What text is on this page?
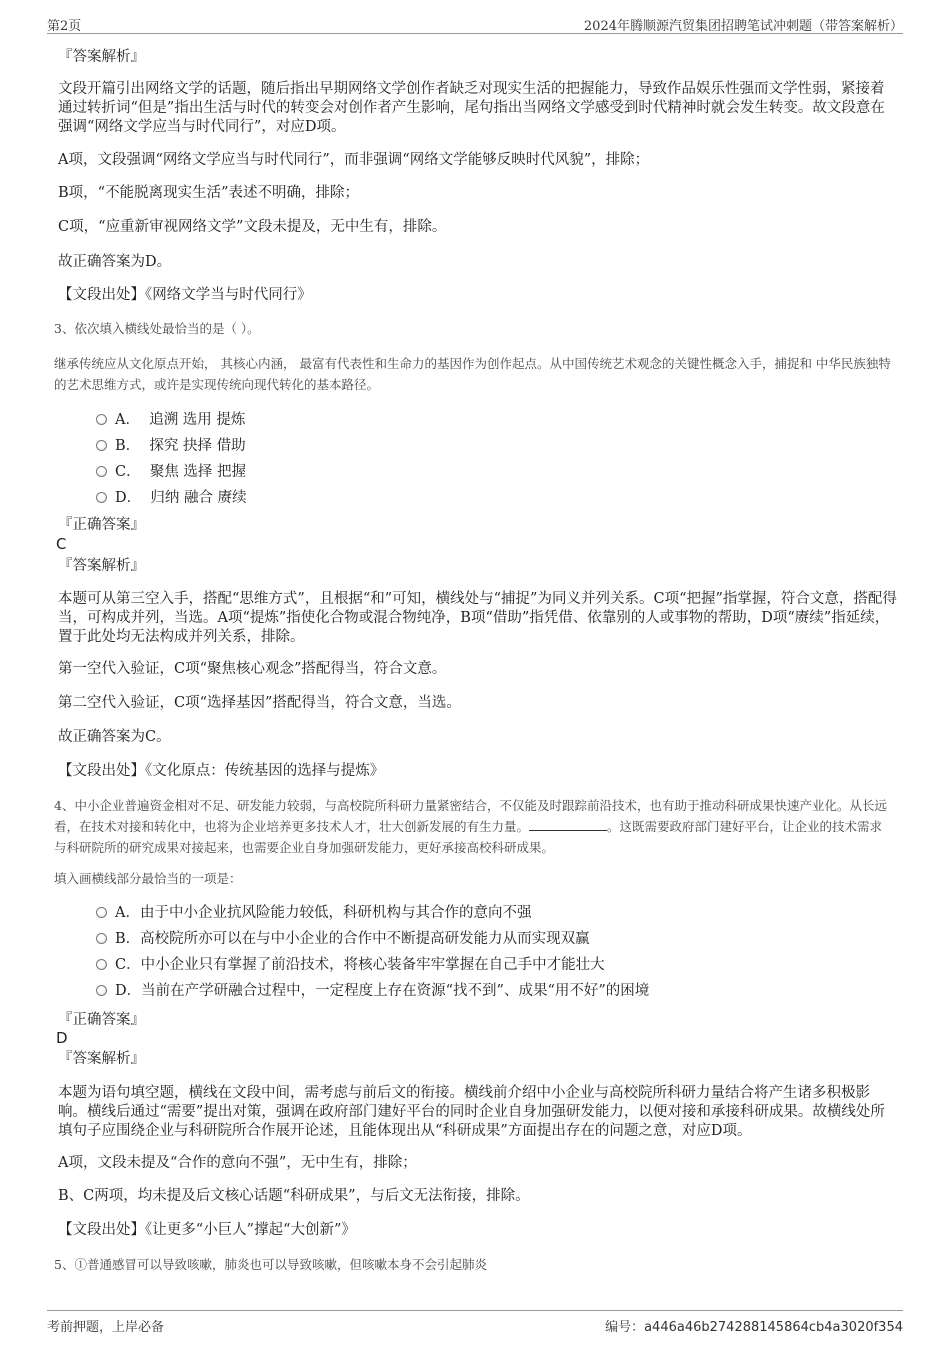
第2页	2024年腾顺源汽贸集团招聘笔试冲刺题（带答案解析）
『答案解析』
文段开篇引出网络文学的话题，随后指出早期网络文学创作者缺乏对现实生活的把握能力，导致作品娱乐性强而文学性弱，紧接着通过转折词“但是”指出生活与时代的转变会对创作者产生影响，尾句指出当网络文学感受到时代精神时就会发生转变。故文段意在强调“网络文学应当与时代同行”，对应D项。
A项，文段强调“网络文学应当与时代同行”，而非强调“网络文学能够反映时代风貌”，排除；
B项，“不能脱离现实生活”表述不明确，排除；
C项，“应重新审视网络文学”文段未提及，无中生有，排除。
故正确答案为D。
【文段出处】《网络文学当与时代同行》
3、依次填入横线处最恰当的是（ ）。
继承传统应从文化原点开始， 其核心内涵， 最富有代表性和生命力的基因作为创作起点。从中国传统艺术观念的关键性概念入手，捕捉和 中华民族独特的艺术思维方式，或许是实现传统向现代转化的基本路径。
A． 追溯 选用 提炼
B． 探究 抉择 借助
C． 聚焦 选择 把握
D． 归纳 融合 赓续
『正确答案』
C
『答案解析』
本题可从第三空入手，搭配“思维方式”，且根据“和”可知，横线处与“捕捉”为同义并列关系。C项“把握”指掌握，符合文意，搭配得当，可构成并列，当选。A项“提炼”指使化合物或混合物纯净，B项“借助”指凭借、依靠别的人或事物的帮助，D项“赓续”指延续，置于此处均无法构成并列关系，排除。
第一空代入验证，C项“聚焦核心观念”搭配得当，符合文意。
第二空代入验证，C项“选择基因”搭配得当，符合文意，当选。
故正确答案为C。
【文段出处】《文化原点：传统基因的选择与提炼》
4、中小企业普遍资金相对不足、研发能力较弱，与高校院所科研力量紧密结合，不仅能及时跟踪前沿技术，也有助于推动科研成果快速产业化。从长远看，在技术对接和转化中，也将为企业培养更多技术人才，壮大创新发展的有生力量。	。这既需要政府部门建好平台，让企业的技术需求与科研院所的研究成果对接起来，也需要企业自身加强研发能力，更好承接高校科研成果。
填入画横线部分最恰当的一项是：
A．由于中小企业抗风险能力较低，科研机构与其合作的意向不强
B．高校院所亦可以在与中小企业的合作中不断提高研发能力从而实现双赢
C．中小企业只有掌握了前沿技术，将核心装备牢牢掌握在自己手中才能壮大
D．当前在产学研融合过程中，一定程度上存在资源“找不到”、成果“用不好”的困境
『正确答案』
D
『答案解析』
本题为语句填空题，横线在文段中间，需考虑与前后文的衔接。横线前介绍中小企业与高校院所科研力量结合将产生诸多积极影响。横线后通过“需要”提出对策，强调在政府部门建好平台的同时企业自身加强研发能力，以便对接和承接科研成果。故横线处所填句子应围绕企业与科研院所合作展开论述，且能体现出从“科研成果”方面提出存在的问题之意，对应D项。
A项，文段未提及“合作的意向不强”，无中生有，排除；
B、C两项，均未提及后文核心话题“科研成果”，与后文无法衔接，排除。
【文段出处】《让更多“小巨人”撑起“大创新”》
5、①普通感冒可以导致咳嗽，肺炎也可以导致咳嗽，但咳嗽本身不会引起肺炎
考前押题，上岸必备	编号：a446a46b274288145864cb4a3020f354
